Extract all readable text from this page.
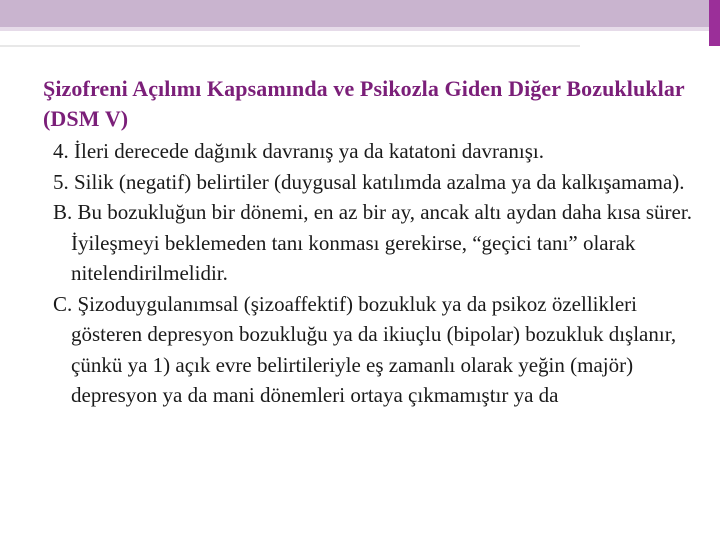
Şizofreni Açılımı Kapsamında ve Psikozla Giden Diğer Bozukluklar (DSM V)

4. İleri derecede dağınık davranış ya da katatoni davranışı.

5. Silik (negatif) belirtiler (duygusal katılımda azalma ya da kalkışamama).

B. Bu bozukluğun bir dönemi, en az bir ay, ancak altı aydan daha kısa sürer. İyileşmeyi beklemeden tanı konması gerekirse, “geçici tanı” olarak nitelendirilmelidir.

C. Şizoduygulanımsal (şizoaffektif) bozukluk ya da psikoz özellikleri gösteren depresyon bozukluğu ya da ikiuçlu (bipolar) bozukluk dışlanır, çünkü ya 1) açık evre belirtileriyle eş zamanlı olarak yeğin (majör) depresyon ya da mani dönemleri ortaya çıkmamıştır ya da
